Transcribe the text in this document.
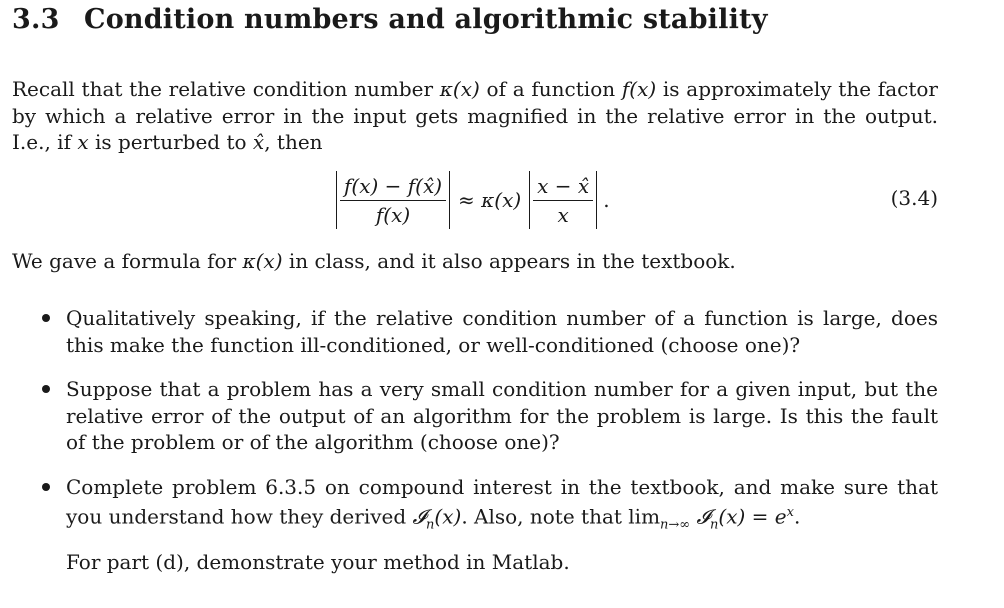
3.3 Condition numbers and algorithmic stability
Recall that the relative condition number κ(x) of a function f(x) is approximately the factor by which a relative error in the input gets magnified in the relative error in the output. I.e., if x is perturbed to x̂, then
$\frac{f(x) - f(x̂)}{f(x)} \approx \kappa(x) \frac{x - x̂}{x}$ .	(3.4)
We gave a formula for κ(x) in class, and it also appears in the textbook.
Qualitatively speaking, if the relative condition number of a function is large, does this make the function ill-conditioned, or well-conditioned (choose one)?
Suppose that a problem has a very small condition number for a given input, but the relative error of the output of an algorithm for the problem is large. Is this the fault of the problem or of the algorithm (choose one)?
Complete problem 6.3.5 on compound interest in the textbook, and make sure that you understand how they derived 𝓘$_n$(x). Also, note that $\lim_{n\to\infty}$ 𝓘$_n$(x) = $e^x$.
For part (d), demonstrate your method in Matlab.
